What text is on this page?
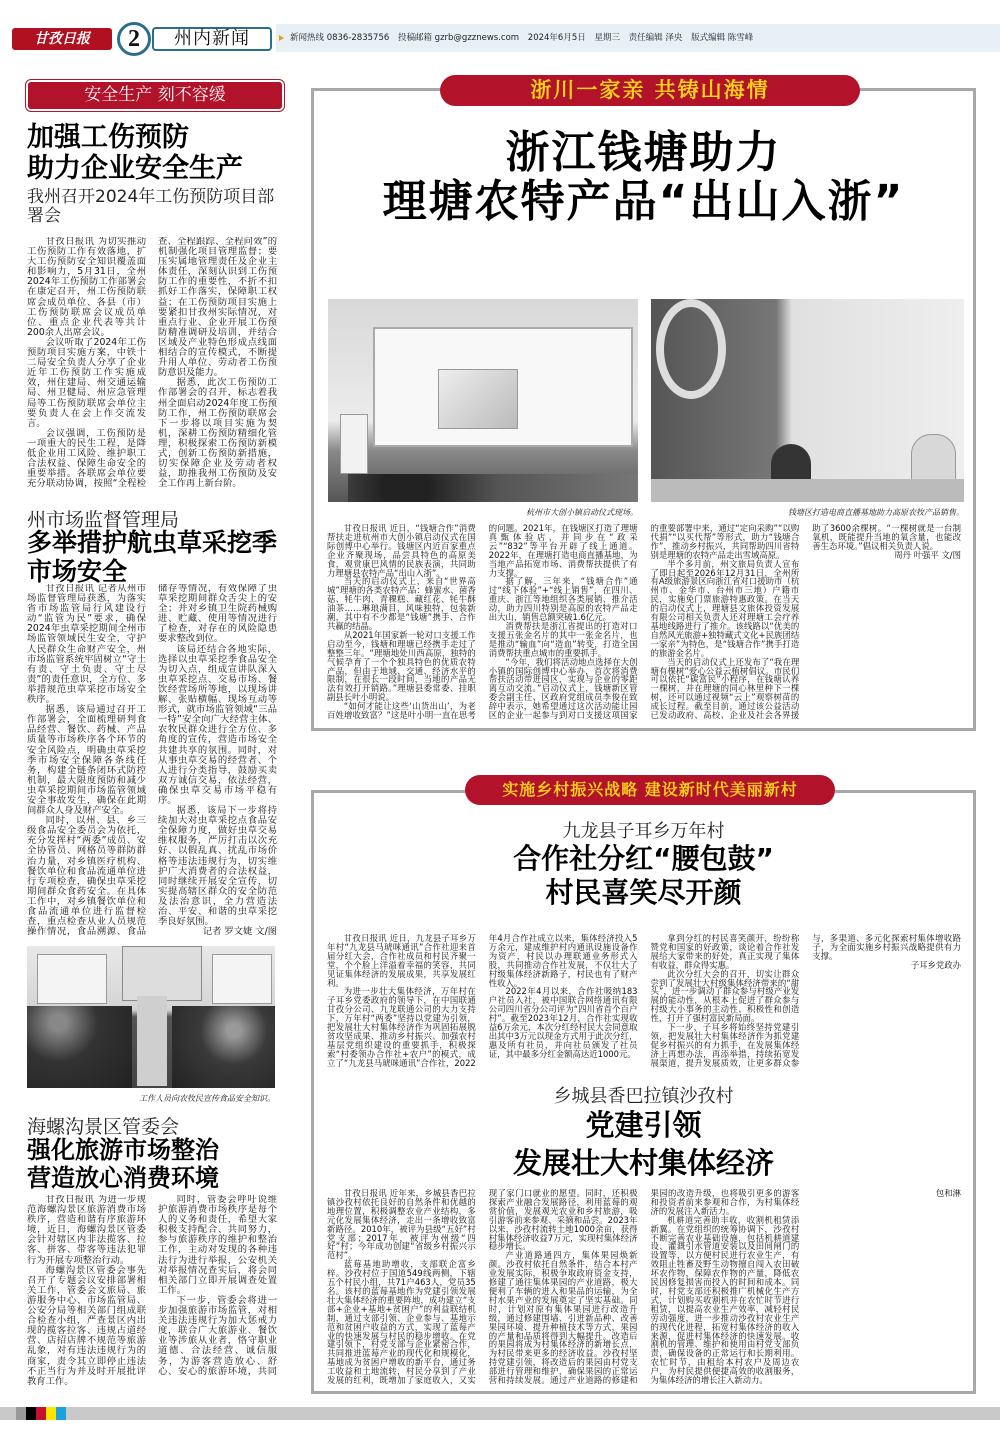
甘孜日报	2	州内新闻	新闻热线 0836-2835756 投稿邮箱 gzrb@gzznews.com 2024年6月5日 星期三 责任编辑 泽央 版式编辑 陈雪峰
安全生产 刻不容缓
加强工伤预防
助力企业安全生产
我州召开2024年工伤预防项目部署会

甘孜日报讯 为切实推动工伤预防工作有效落地，扩大工伤预防安全知识覆盖面和影响力，5月31日，全州2024年工伤预防工作部署会在康定召开，州工伤预防联席会成员单位、各县（市）工伤预防联席会议成员单位、重点企业代表等共计200余人出席会议。

会议听取了2024年工伤预防项目实施方案，中铁十二局安全负责人分享了企业近年工伤预防工作实施成效，州住建局、州交通运输局、州卫健局、州应急管理局等工伤预防联席会单位主要负责人在会上作交流发言。

会议强调，工伤预防是一项重大的民生工程，是降低企业用工风险、维护职工合法权益、保障生命安全的重要举措。各联席会单位要充分联动协调，按照“全程检查、全程跟踪、全程问效”的机制强化项目管理监督；要压实属地管理责任及企业主体责任，深刻认识到工伤预防工作的重要性，不折不扣抓好工作落实，保障职工权益；在工伤预防项目实施上要紧扣甘孜州实际情况，对重点行业、企业开展工伤预防精准调研及培训，并结合区域及产业特色形成点线面相结合的宣传模式，不断提升用人单位、劳动者工伤预防意识及能力。

据悉，此次工伤预防工作部署会的召开，标志着我州全面启动2024年度工伤预防工作，州工伤预防联席会下一步将以项目实施为契机，深耕工伤预防精细化管理，积极探索工伤预防新模式，创新工伤预防新措施，切实保障企业及劳动者权益，助推我州工伤预防及安全工作再上新台阶。

州市场监督管理局
多举措护航虫草采挖季
市场安全

甘孜日报讯 记者从州市场监督管理局获悉，为落实省市场监管局行风建设行动“监管为民”要求，确保2024年虫草采挖期间全州市场监管领域民生安全，守护人民群众生命财产安全，州市场监管系统牢固树立“守土有责、守土负责、守土尽责”的责任意识，全方位、多举措规范虫草采挖市场安全秩序。

据悉，该局通过召开工作部署会，全面梳理研判食品经营、餐饮、药械、产品质量等市场秩序各个环节的安全风险点，明确虫草采挖季市场安全保障各条线任务，构建全链条闭环式防控机制，最大限度预防和减少虫草采挖期间市场监管领域安全事故发生，确保在此期间群众人身及财产安全。

同时，以州、县、乡三级食品安全委员会为依托，充分发挥村“两委”成员、安全协管员、网格员等群防群治力量，对乡镇医疗机构、餐饮单位和食品流通单位进行专项检查，确保虫草采挖期间群众食药安全。在具体工作中，对乡镇餐饮单位和食品流通单位进行监督检查，重点检查从业人员规范操作情况，食品溯源、食品储存等情况，有效保障了虫草采挖期间群众舌尖上的安全；并对乡镇卫生院药械购进、贮藏、使用等情况进行了检查，对存在的风险隐患要求整改到位。

该局还结合各地实际，选择以虫草采挖季食品安全为切入点，组成宣讲队深入虫草采挖点、交易市场、餐饮经营场所等地，以现场讲解、张贴横幅、现场互动等形式，就市场监管领域“三品一特”安全向广大经营主体、农牧民群众进行全方位、多角度的宣传，营造市场安全共建共享的氛围。同时，对从事虫草交易的经营者、个人进行分类指导，鼓励买卖双方诚信交易，依法经营，确保虫草交易市场平稳有序。

据悉，该局下一步将持续加大对虫草采挖点食品安全保障力度，做好虫草交易维权服务，严厉打击以次充好、以假乱真、扰乱市场价格等违法违规行为，切实维护广大消费者的合法权益，同时继续开展安全宣传，切实提高辖区群众的安全防范及法治意识，全力营造法治、平安、和谐的虫草采挖季良好氛围。

记者 罗文婕 文/图

工作人员向农牧民宣传食品安全知识。
海螺沟景区管委会
强化旅游市场整治
营造放心消费环境

甘孜日报讯 为进一步规范海螺沟景区旅游消费市场秩序，营造和谐有序旅游环境，近日，海螺沟景区管委会针对辖区内非法揽客、拉客、拼客、带客等违法犯罪行为开展专项整治行动。

海螺沟景区管委会事先召开了专题会议安排部署相关工作，管委会文旅局、旅游服务中心、市场监管局、公安分局等相关部门组成联合检查小组，严查景区内出现的揽客拉客、违规占道经营、店招店牌不规范等旅游乱象，对有违法违规行为的商家，责令其立即停止违法不正当行为并及时开展批评教育工作。

同时，管委会呼吁说维护旅游消费市场秩序是每个人的义务和责任，希望大家积极支持配合、共同努力，参与旅游秩序的维护和整治工作，主动对发现的各种违法行为进行举报，公安机关对举报情况查实后，将会同相关部门立即开展调查处置工作。

下一步，管委会将进一步加强旅游市场监管，对相关违法违规行为加大惩戒力度，联合广大旅游业、餐饮业等涉旅从业者，恪守职业道德、合法经营、诚信服务，为游客营造放心、舒心、安心的旅游环境，共同

浙川一家亲 共铸山海情
浙江钱塘助力
理塘农特产品“出山入浙”
杭州市大创小镇启动仪式现场。	钱塘区打造电商直播基地助力高原农牧产品销售。

甘孜日报讯 近日，“钱塘合作”消费帮扶走进杭州市大创小镇启动仪式在国际创博中心举行。钱塘区内近百家重点企业齐聚现场，品尝具特色的高原美食，观赏康巴风情的民族表演，共同助力理塘县农特产品“出山入浙”。

当天的启动仪式上，来自“世界高城”理塘的各类农特产品：蜂蜜水、菌香菇、牦牛肉、青稞糕、藏红花、牦牛酥油茶……琳琅满目，风味独特，包装新潮，其中有不少都是“钱塘”携手、合作共赢的结晶。

从2021年国家新一轮对口支援工作启动至今，钱塘和理塘已经携手走过了整整三年。“理塘地处川西高原，独特的气候孕育了一个个独具特色的优质农特产品，但由于地域、交通、经济水平的限制，在很长一段时间，当地的产品无法有效打开销路。”理塘县委常委、挂职副县长叶小明说。

“如何才能让这些‘山货出山’，为老百姓增收致富？”这是叶小明一直在思考的问题。2021年，在钱塘区打造了理塘真甄体验店，并同步在“政采云”“832”等平台开辟了线上通道。2022年，在理塘打造电商直播基地，为当地产品拓宽市场、消费帮扶提供了有力支撑。

据了解，三年来，“钱塘合作”通过“线下体验”+“线上销售”，在四川、重庆、浙江等地组织各类展销、推介活动，助力四川特别是高原的农特产品走出大山，销售总额突破1.6亿元。

消费帮扶是浙江省提出的打造对口支援五张金名片的其中一张金名片，也是推动“输血”向“造血”转变，打造全国消费帮扶重点城市的重要抓手。

“今年，我们将活动地点选择在大创小镇的国际创博中心举办，首次将消费帮扶活动带进园区，实现与企业的零距离互动交流。”启动仪式上，钱塘新区管委会副主任、区政府党组成员李俊在致辞中表示，她希望通过这次活动能让园区的企业一起参与到对口支援这项国家的重要部署中来，通过“定向采购”“以购代捐”“以买代帮”等形式，助力“钱塘合作”，推动乡村振兴，共同帮助四川省特别是理塘的农特产品走出雪域高原。

半个多月前，州文旅局负责人宣布了即日起至2026年12月31日，全州所有A级旅游景区向浙江省对口援助市（杭州市、金华市、台州市三地）户籍市民，实施免门票旅游特惠政策。在当天的启动仪式上，理塘县文旅体投资发展有限公司相关负责人还对理塘工会疗养基地线路进行了推介。该线路以“优美的自然风光旅游+独特藏式文化+民族团结一家亲”为特色，是“钱塘合作”携手打造的旅游金名片。

当天的启动仪式上还发布了“我在理塘有棵树”爱心公益云植树倡议。市民们可以依托“碳富民”小程序，在钱塘认养一棵树，并在理塘的同心林里种下一棵树，还可以通过视频“云上”观察树苗的成长过程。截至目前，通过该公益活动已发动政府、高校、企业及社会各界援助了3600余棵树。“一棵树就是一台制氧机，既能提升当地的氧含量，也能改善生态环境。”倡议相关负责人说。

周丹 叶强平 文/图

实施乡村振兴战略 建设新时代美丽新村
九龙县子耳乡万年村
合作社分红“腰包鼓”
村民喜笑尽开颜

甘孜日报讯 近日，九龙县子耳乡万年村“九龙县马琥咪通讯”合作社迎来首届分红大会，合作社成员和村民齐聚一堂，个个脸上洋溢着幸福的笑容，共同见证集体经济的发展成果，共享发展红利。

为进一步壮大集体经济，万年村在子耳乡党委政府的领导下，在中国联通甘孜分公司、九龙联通公司的大力支持下，万年村“两委”坚持以党建为引领，把发展壮大村集体经济作为巩固拓展脱贫攻坚成果、推动乡村振兴、加强农村基层党组织建设的重要抓手，积极探索“村委领办合作社+农户”的模式，成立了“九龙县马琥咪通讯”合作社，2022年4月合作社成立以来，集体经济投入5万余元，建成维护村内通讯设施设备作为资产，村民以办理联通业务形式入股，共同推动合作社发展，不仅壮大了村级集体经济新路子，村民也有了财产性收入。

2022年4月以来，合作社吸纳183户社员入社，被中国联合网络通讯有限公司四川省分公司评为“四川省首个百户村”。截至2023年12月，合作社实现收益6万余元，本次分红经村民大会同意取出其中3万元以现金方式用于此次分红，惠及所有社员，并向社员颁发了社员证，其中最多分红金额高达近1000元。

拿到分红的村民喜笑颜开，纷纷称赞党和国家的好政策，谈论着合作社发展给大家带来的好处，真正实现了集体有收益，群众得实惠。

此次分红大会的召开，切实让群众尝到了发展壮大村级集体经济带来的“甜头”，进一步调动了群众参与村级产业发展的能动性，从根本上促进了群众参与村级大小事务的主动性、积极性和创造性，打开了强村富民新局面。

下一步，子耳乡将始终坚持党建引领，把发展壮大村集体经济作为抓党建促乡村振兴的有力抓手，在发展集体经济上再想办法，再添举措，持续拓宽发展渠道，提升发展质效，让更多群众参与，多渠道、多元化探索村集体增收路子，为全面实施乡村振兴战略提供有力支撑。

子耳乡党政办

乡城县香巴拉镇沙孜村
党建引领
发展壮大村集体经济

甘孜日报讯 近年来，乡城县香巴拉镇沙孜村依托良好的自然条件和优越的地理位置，积极调整农业产业结构，多元化发展集体经济，走出一条增收致富新路径。2010年，被评为县级“五好”村党支部；2017年，被评为州级“四好”村；今年成功创建“省级乡村振兴示范村”。

蓝莓基地助增收，支部联企富乡梓。沙孜村位于国道549线两侧，下辖五个村民小组，共71户463人，党员35名。该村的蓝莓基地作为党建引领发展壮大集体经济的重要阵地，成功建立“支部+企业+基地+贫困户”的利益联结机制，通过支部引领、企业参与、基地示范和贫困户收益的方式，实现了蓝莓产业的快速发展与村民的稳步增收。在党建引领下，村党支部与企业紧密合作，共同推进蓝莓产业的现代化和规模化，基地成为贫困户增收的新平台，通过务工收益和土地流转，村民分享到了产业发展的红利，既增加了家庭收入，又实现了家门口就业的愿望。同时，还积极探索产业融合发展路径，利用蓝莓的观赏价值，发展观光农业和乡村旅游，吸引游客前来参观、采摘和品尝。2023年以来，沙孜村流转土地1000余亩，获得村集体经济收益7万元，实现村集体经济稳步增长。

产业道路通四方，集体果园焕新颜。沙孜村依托自然条件，结合本村产业发展实际，积极争取政府资金支持，修建了通往集体果园的产业道路，极大便利了车辆的进入和果品的运输，为全村水果产业的发展奠定了坚实基础。同时，计划对原有集体果园进行改造升级，通过修建围墙、引进新品种、改善果园环境、提升种植技术等方式，果园的产量和品质将得到大幅提升。改造后的果园将成为村集体经济的新增长点，为村民带来更多的经济收益。沙孜村坚持党建引领，将改造后的果园由村党支部进行管理和维护，确保果园的正常运营和持续发展。通过产业道路的修建和果园的改造升级，也将吸引更多的游客和投资者前来参观和合作，为村集体经济的发展注入新活力。

机耕道完善助丰收，收割机租赁添新翼。在党组织的统筹协调下，沙孜村不断完善农业基础设施，包括机耕道建设、灌溉引水管道安装以及田间闸门的设置等，以方便村民进行农业生产，有效阻止牲畜及野生动物擅自闯入农田破坏农作物，保障农作物的产量，降低农民因修复损害而投入的时间和成本。同时，村党支部还积极推广机械化生产方式，计划购买收割机并在农忙时节进行租赁，以提高农业生产效率，减轻村民劳动强度，进一步推动沙孜村农业生产的现代化进程，拓宽村集体经济的收入来源，促进村集体经济的快速发展。收割机的管理、维护和使用由村党支部负责，确保设备的正常运行和长期利用。农忙时节，由租给本村农户及周边农户，为村民提供便捷高效的收割服务，为集体经济的增长注入新动力。

包和淋
